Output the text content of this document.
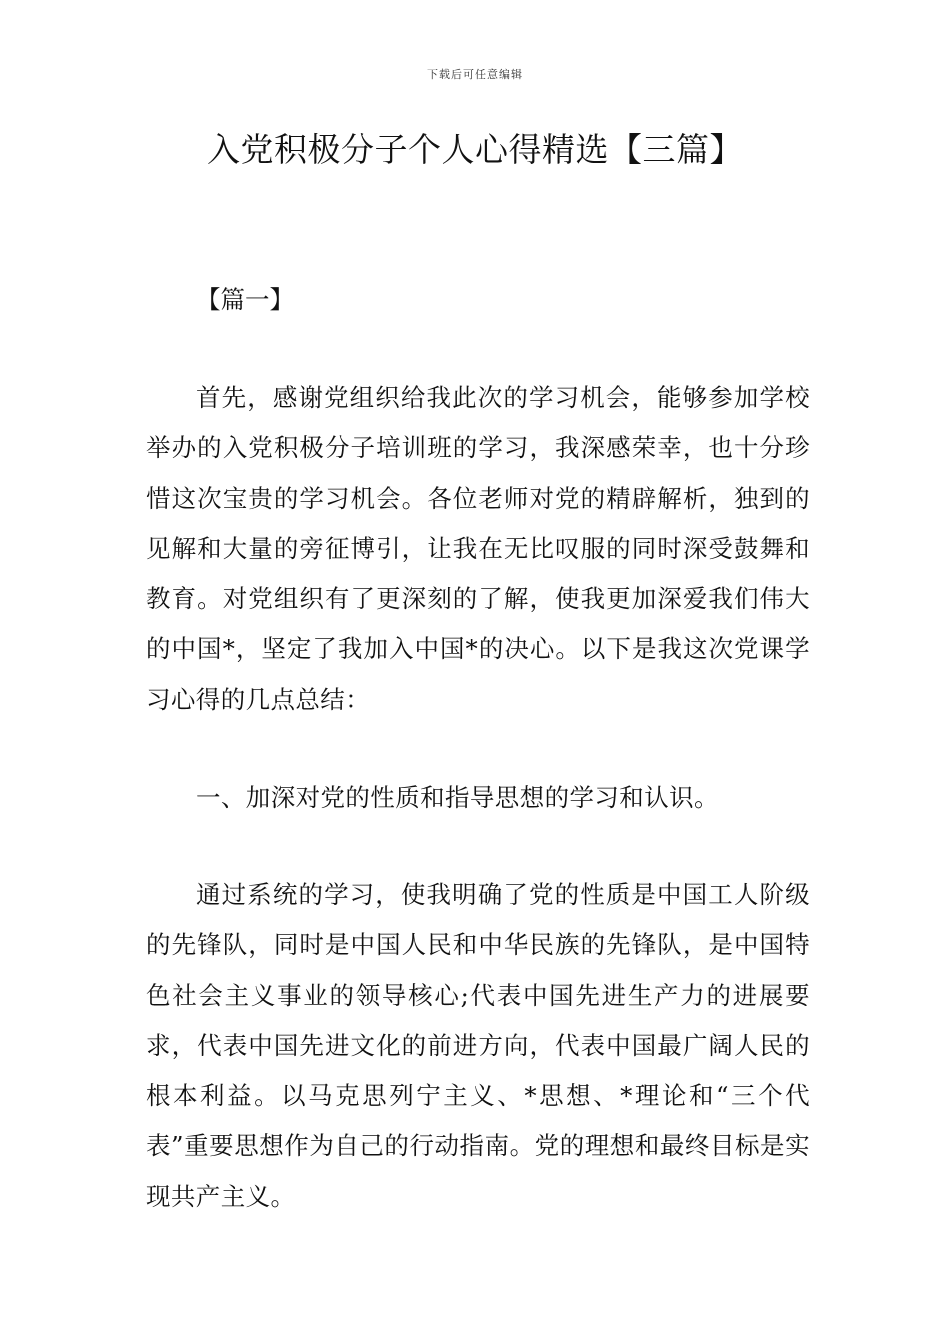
下载后可任意编辑
入党积极分子个人心得精选【三篇】

【篇一】

首先，感谢党组织给我此次的学习机会，能够参加学校举办的入党积极分子培训班的学习，我深感荣幸，也十分珍惜这次宝贵的学习机会。各位老师对党的精辟解析，独到的见解和大量的旁征博引，让我在无比叹服的同时深受鼓舞和教育。对党组织有了更深刻的了解，使我更加深爱我们伟大的中国*，坚定了我加入中国*的决心。以下是我这次党课学习心得的几点总结：

一、加深对党的性质和指导思想的学习和认识。

通过系统的学习，使我明确了党的性质是中国工人阶级的先锋队，同时是中国人民和中华民族的先锋队，是中国特色社会主义事业的领导核心;代表中国先进生产力的进展要求，代表中国先进文化的前进方向，代表中国最广阔人民的根本利益。以马克思列宁主义、*思想、*理论和“三个代表”重要思想作为自己的行动指南。党的理想和最终目标是实现共产主义。
